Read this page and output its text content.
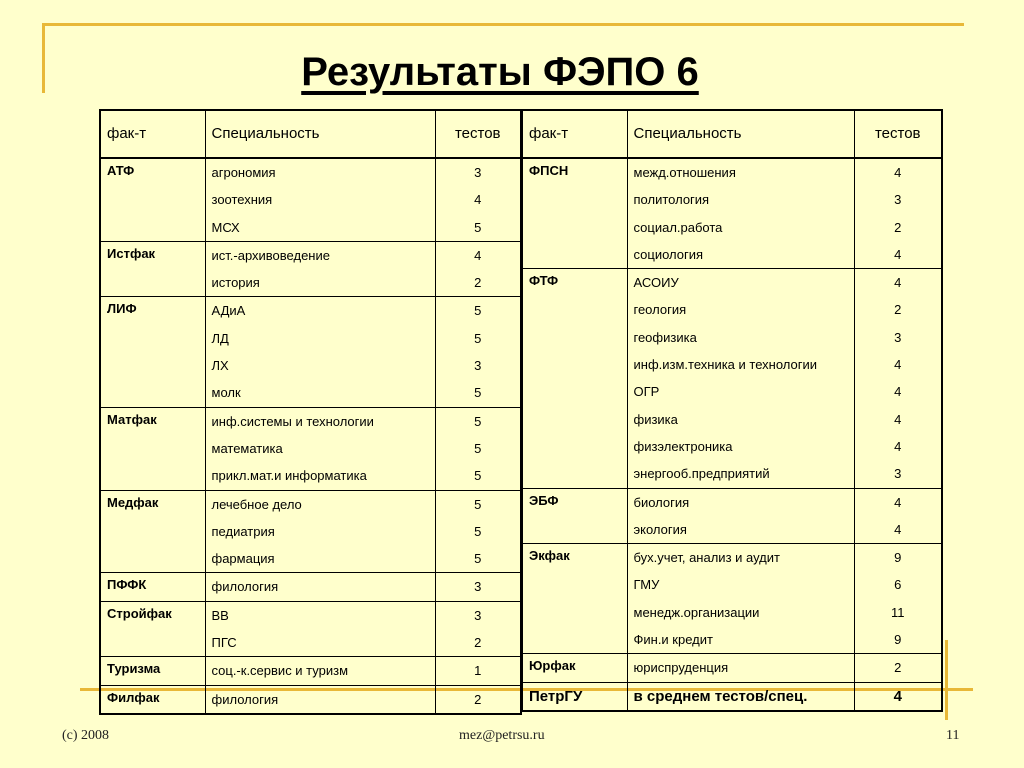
Результаты ФЭПО 6
фак-т	Специальность	тестов
АТФ	агрономия	3
	зоотехния	4
	МСХ	5
Истфак	ист.-архивоведение	4
	история	2
ЛИФ	АДиА	5
	ЛД	5
	ЛХ	3
	молк	5
Матфак	инф.системы и технологии	5
	математика	5
	прикл.мат.и информатика	5
Медфак	лечебное дело	5
	педиатрия	5
	фармация	5
ПФФК	филология	3
Стройфак	ВВ	3
	ПГС	2
Туризма	соц.-к.сервис и туризм	1
Филфак	филология	2
фак-т	Специальность	тестов
ФПСН	межд.отношения	4
	политология	3
	социал.работа	2
	социология	4
ФТФ	АСОИУ	4
	геология	2
	геофизика	3
	инф.изм.техника и технологии	4
	ОГР	4
	физика	4
	физэлектроника	4
	энергооб.предприятий	3
ЭБФ	биология	4
	экология	4
Экфак	бух.учет, анализ и аудит	9
	ГМУ	6
	менедж.организации	11
	Фин.и кредит	9
Юрфак	юриспруденция	2
ПетрГУ	в среднем тестов/спец.	4
(c) 2008	mez@petrsu.ru	11
